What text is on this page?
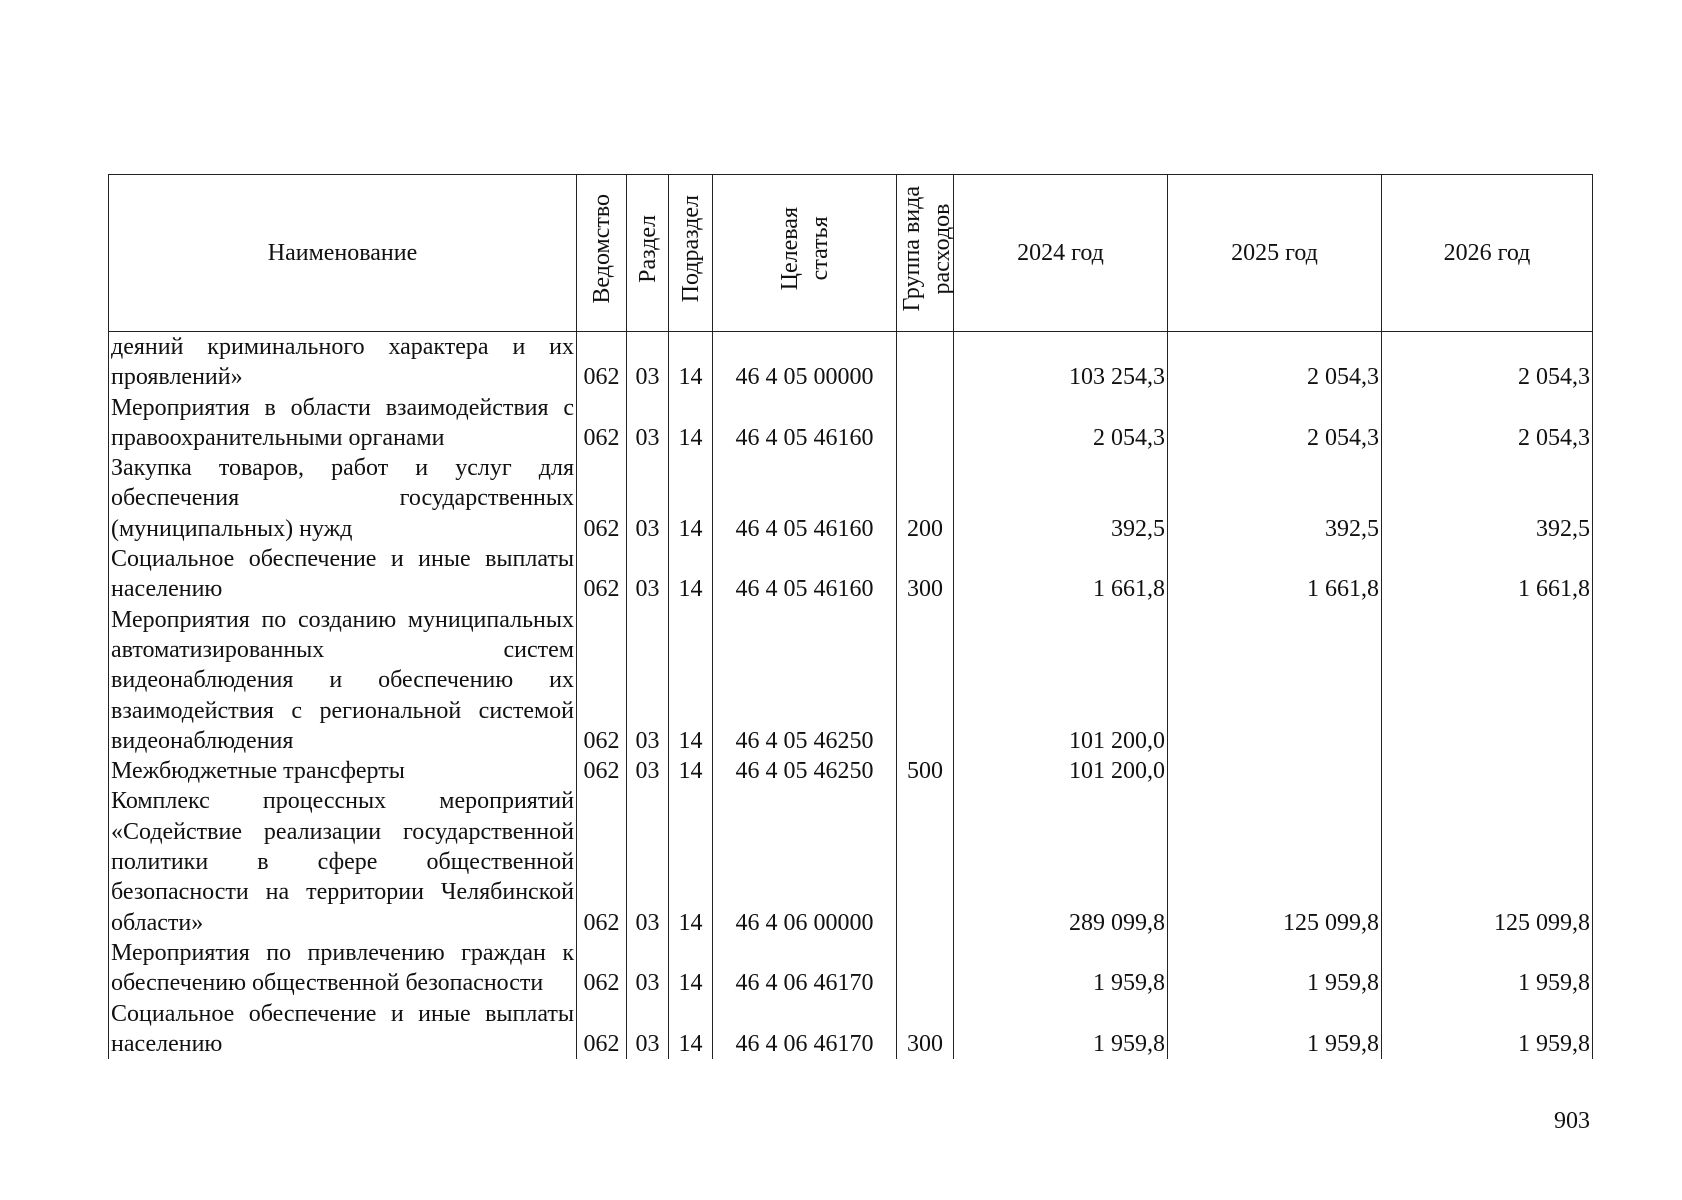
Наименование	Ведомство	Раздел	Подраздел	Целевая статья	Группа вида расходов	2024 год	2025 год	2026 год
деяний криминального характера и их проявлений»	062	03	14	46 4 05 00000		103 254,3	2 054,3	2 054,3
Мероприятия в области взаимодействия с правоохранительными органами	062	03	14	46 4 05 46160		2 054,3	2 054,3	2 054,3
Закупка товаров, работ и услуг для обеспечения государственных (муниципальных) нужд	062	03	14	46 4 05 46160	200	392,5	392,5	392,5
Социальное обеспечение и иные выплаты населению	062	03	14	46 4 05 46160	300	1 661,8	1 661,8	1 661,8
Мероприятия по созданию муниципальных автоматизированных систем видеонаблюдения и обеспечению их взаимодействия с региональной системой видеонаблюдения	062	03	14	46 4 05 46250		101 200,0		
Межбюджетные трансферты	062	03	14	46 4 05 46250	500	101 200,0		
Комплекс процессных мероприятий «Содействие реализации государственной политики в сфере общественной безопасности на территории Челябинской области»	062	03	14	46 4 06 00000		289 099,8	125 099,8	125 099,8
Мероприятия по привлечению граждан к обеспечению общественной безопасности	062	03	14	46 4 06 46170		1 959,8	1 959,8	1 959,8
Социальное обеспечение и иные выплаты населению	062	03	14	46 4 06 46170	300	1 959,8	1 959,8	1 959,8
903
